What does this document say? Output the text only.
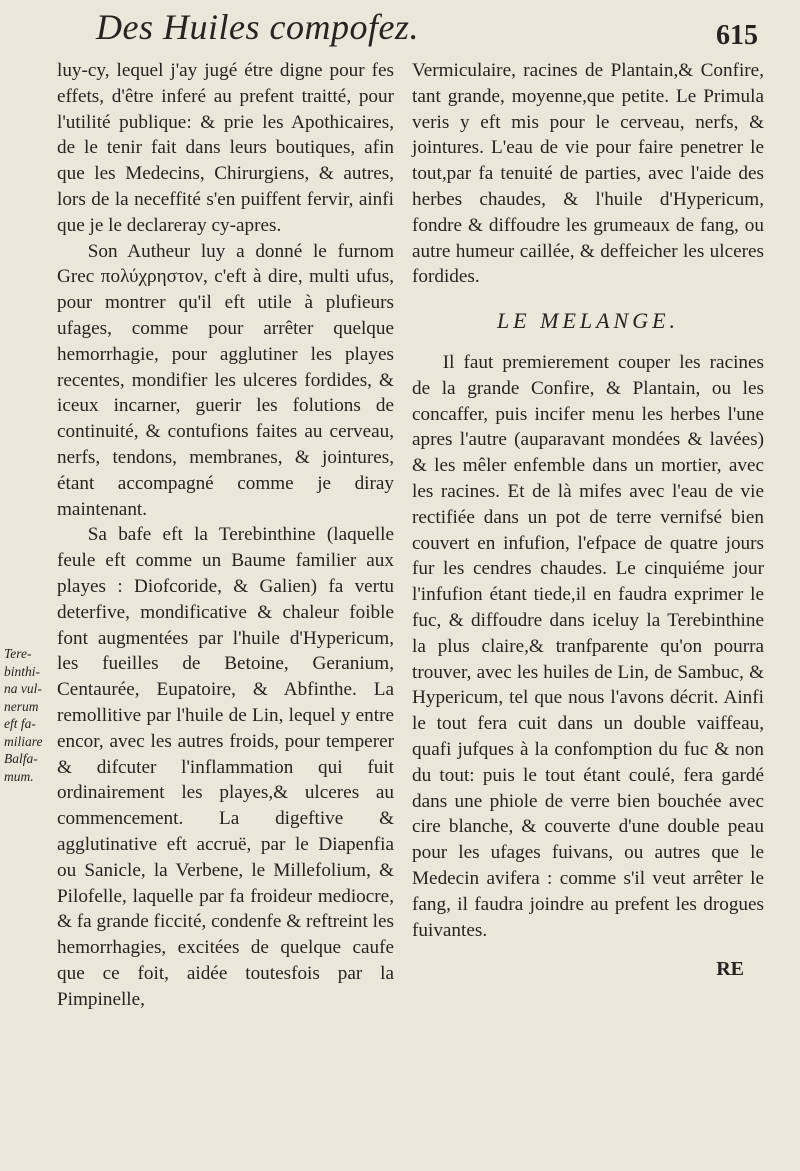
Des Huiles compofez.	615
Tere-
binthi-
na vul-
nerum
eft fa-
miliare
Balfa-
mum.

luy-cy, lequel j'ay jugé étre digne pour fes effets, d'être inferé au prefent traitté, pour l'utilité publique: & prie les Apothicaires, de le tenir fait dans leurs boutiques, afin que les Medecins, Chirurgiens, & autres, lors de la neceffité s'en puiffent fervir, ainfi que je le declareray cy-apres.

Son Autheur luy a donné le furnom Grec πολύχρηστον, c'eft à dire, multi ufus, pour montrer qu'il eft utile à plufieurs ufages, comme pour arrêter quelque hemorrhagie, pour agglutiner les playes recentes, mondifier les ulceres fordides, & iceux incarner, guerir les folutions de continuité, & contufions faites au cerveau, nerfs, tendons, membranes, & jointures, étant accompagné comme je diray maintenant.

Sa bafe eft la Terebinthine (laquelle feule eft comme un Baume familier aux playes : Diofcoride, & Galien) fa vertu deterfive, mondificative & chaleur foible font augmentées par l'huile d'Hypericum, les fueilles de Betoine, Geranium, Centaurée, Eupatoire, & Abfinthe. La remollitive par l'huile de Lin, lequel y entre encor, avec les autres froids, pour temperer & difcuter l'inflammation qui fuit ordinairement les playes,& ulceres au commencement. La digeftive & agglutinative eft accruë, par le Diapenfia ou Sanicle, la Verbene, le Millefolium, & Pilofelle, laquelle par fa froideur mediocre, & fa grande ficcité, condenfe & reftreint les hemorrhagies, excitées de quelque caufe que ce foit, aidée toutesfois par la Pimpinelle,

Vermiculaire, racines de Plantain,& Confire, tant grande, moyenne,que petite. Le Primula veris y eft mis pour le cerveau, nerfs, & jointures. L'eau de vie pour faire penetrer le tout,par fa tenuité de parties, avec l'aide des herbes chaudes, & l'huile d'Hypericum, fondre & diffoudre les grumeaux de fang, ou autre humeur caillée, & deffeicher les ulceres fordides.

LE MELANGE.

Il faut premierement couper les racines de la grande Confire, & Plantain, ou les concaffer, puis incifer menu les herbes l'une apres l'autre (auparavant mondées & lavées) & les mêler enfemble dans un mortier, avec les racines. Et de là mifes avec l'eau de vie rectifiée dans un pot de terre vernifsé bien couvert en infufion, l'efpace de quatre jours fur les cendres chaudes. Le cinquiéme jour l'infufion étant tiede,il en faudra exprimer le fuc, & diffoudre dans iceluy la Terebinthine la plus claire,& tranfparente qu'on pourra trouver, avec les huiles de Lin, de Sambuc, & Hypericum, tel que nous l'avons décrit. Ainfi le tout fera cuit dans un double vaiffeau, quafi jufques à la confomption du fuc & non du tout: puis le tout étant coulé, fera gardé dans une phiole de verre bien bouchée avec cire blanche, & couverte d'une double peau pour les ufages fuivans, ou autres que le Medecin avifera : comme s'il veut arrêter le fang, il faudra joindre au prefent les drogues fuivantes.

RE
